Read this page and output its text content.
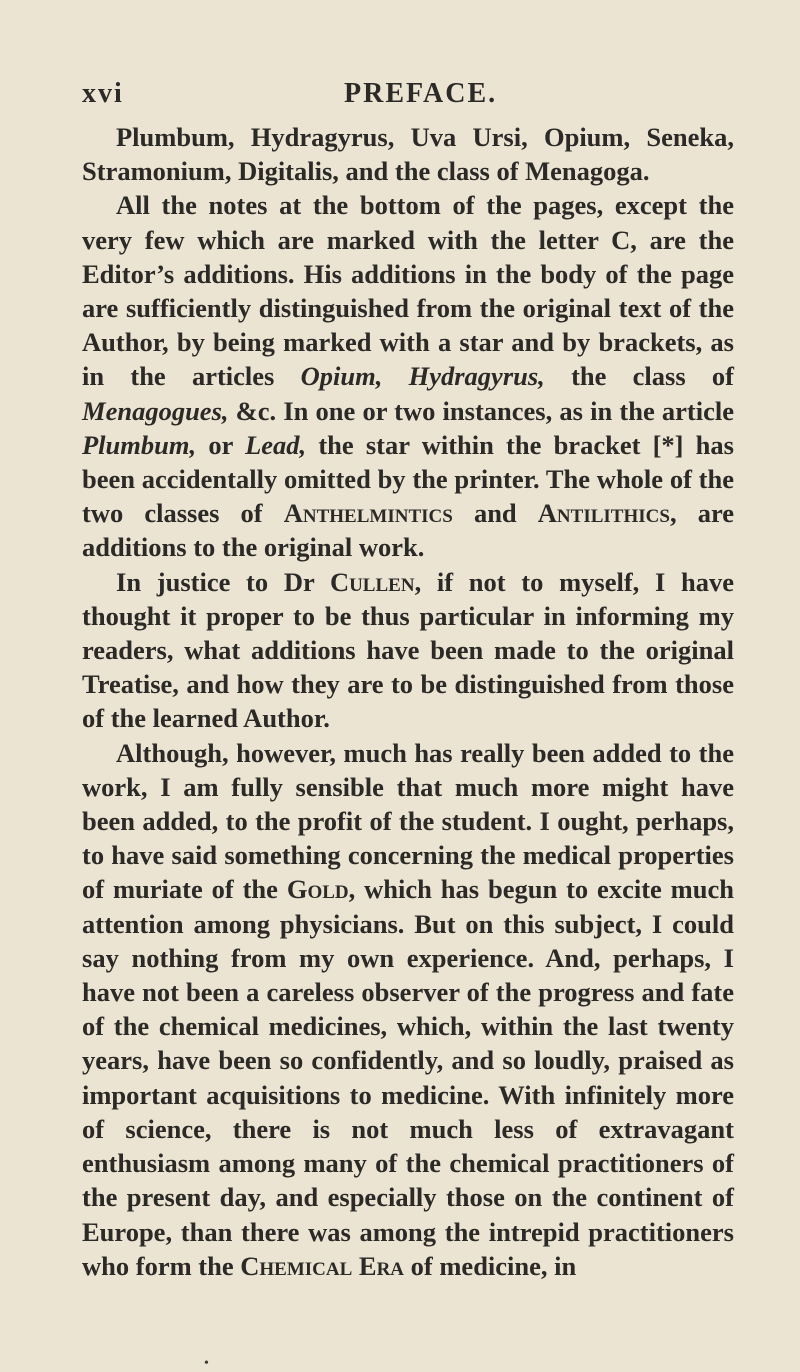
xvi	PREFACE.

Plumbum, Hydragyrus, Uva Ursi, Opium, Seneka, Stramonium, Digitalis, and the class of Menagoga.

All the notes at the bottom of the pages, except the very few which are marked with the letter C, are the Editor’s additions. His additions in the body of the page are sufficiently distinguished from the original text of the Author, by being marked with a star and by brackets, as in the articles Opium, Hydragyrus, the class of Menagogues, &c. In one or two instances, as in the article Plumbum, or Lead, the star within the bracket [*] has been accidentally omitted by the printer. The whole of the two classes of Anthelmintics and Antilithics, are additions to the original work.

In justice to Dr Cullen, if not to myself, I have thought it proper to be thus particular in informing my readers, what additions have been made to the original Treatise, and how they are to be distinguished from those of the learned Author.

Although, however, much has really been added to the work, I am fully sensible that much more might have been added, to the profit of the student. I ought, perhaps, to have said something concerning the medical properties of muriate of the Gold, which has begun to excite much attention among physicians. But on this subject, I could say nothing from my own experience. And, perhaps, I have not been a careless observer of the progress and fate of the chemical medicines, which, within the last twenty years, have been so confidently, and so loudly, praised as important acquisitions to medicine. With infinitely more of science, there is not much less of extravagant enthusiasm among many of the chemical practitioners of the present day, and especially those on the continent of Europe, than there was among the intrepid practitioners who form the Chemical Era of medicine, in

•
